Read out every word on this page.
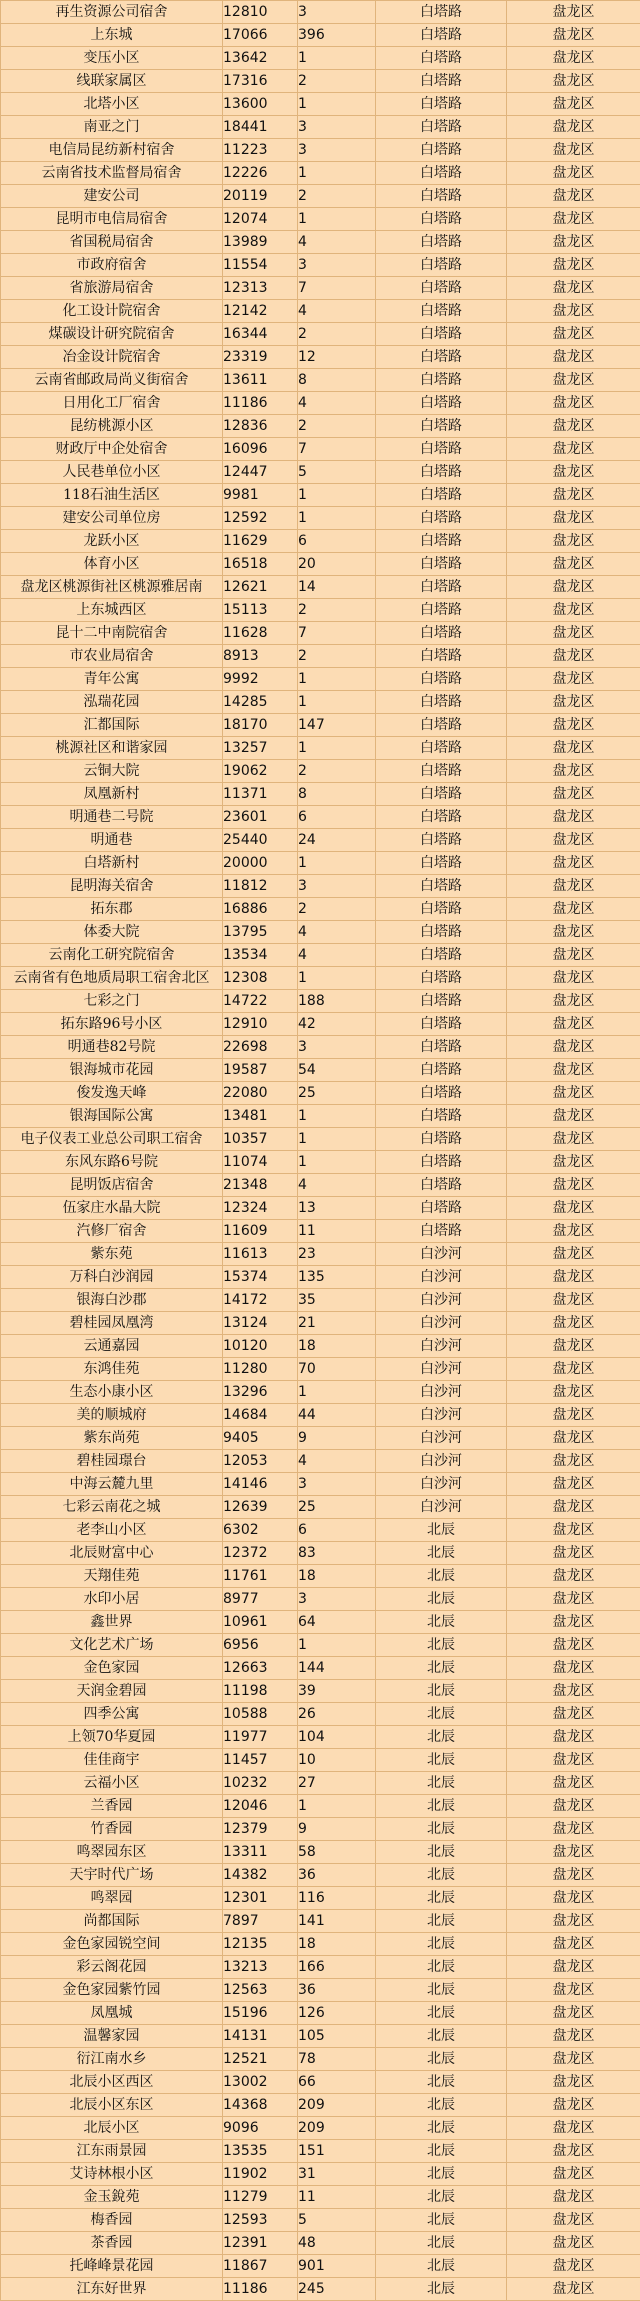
再生资源公司宿舍	12810	3	白塔路	盘龙区
上东城	17066	396	白塔路	盘龙区
变压小区	13642	1	白塔路	盘龙区
线联家属区	17316	2	白塔路	盘龙区
北塔小区	13600	1	白塔路	盘龙区
南亚之门	18441	3	白塔路	盘龙区
电信局昆纺新村宿舍	11223	3	白塔路	盘龙区
云南省技术监督局宿舍	12226	1	白塔路	盘龙区
建安公司	20119	2	白塔路	盘龙区
昆明市电信局宿舍	12074	1	白塔路	盘龙区
省国税局宿舍	13989	4	白塔路	盘龙区
市政府宿舍	11554	3	白塔路	盘龙区
省旅游局宿舍	12313	7	白塔路	盘龙区
化工设计院宿舍	12142	4	白塔路	盘龙区
煤碳设计研究院宿舍	16344	2	白塔路	盘龙区
冶金设计院宿舍	23319	12	白塔路	盘龙区
云南省邮政局尚义街宿舍	13611	8	白塔路	盘龙区
日用化工厂宿舍	11186	4	白塔路	盘龙区
昆纺桃源小区	12836	2	白塔路	盘龙区
财政厅中企处宿舍	16096	7	白塔路	盘龙区
人民巷单位小区	12447	5	白塔路	盘龙区
118石油生活区	9981	1	白塔路	盘龙区
建安公司单位房	12592	1	白塔路	盘龙区
龙跃小区	11629	6	白塔路	盘龙区
体育小区	16518	20	白塔路	盘龙区
盘龙区桃源街社区桃源雅居南	12621	14	白塔路	盘龙区
上东城西区	15113	2	白塔路	盘龙区
昆十二中南院宿舍	11628	7	白塔路	盘龙区
市农业局宿舍	8913	2	白塔路	盘龙区
青年公寓	9992	1	白塔路	盘龙区
泓瑞花园	14285	1	白塔路	盘龙区
汇都国际	18170	147	白塔路	盘龙区
桃源社区和谐家园	13257	1	白塔路	盘龙区
云铜大院	19062	2	白塔路	盘龙区
凤凰新村	11371	8	白塔路	盘龙区
明通巷二号院	23601	6	白塔路	盘龙区
明通巷	25440	24	白塔路	盘龙区
白塔新村	20000	1	白塔路	盘龙区
昆明海关宿舍	11812	3	白塔路	盘龙区
拓东郡	16886	2	白塔路	盘龙区
体委大院	13795	4	白塔路	盘龙区
云南化工研究院宿舍	13534	4	白塔路	盘龙区
云南省有色地质局职工宿舍北区	12308	1	白塔路	盘龙区
七彩之门	14722	188	白塔路	盘龙区
拓东路96号小区	12910	42	白塔路	盘龙区
明通巷82号院	22698	3	白塔路	盘龙区
银海城市花园	19587	54	白塔路	盘龙区
俊发逸天峰	22080	25	白塔路	盘龙区
银海国际公寓	13481	1	白塔路	盘龙区
电子仪表工业总公司职工宿舍	10357	1	白塔路	盘龙区
东风东路6号院	11074	1	白塔路	盘龙区
昆明饭店宿舍	21348	4	白塔路	盘龙区
伍家庄水晶大院	12324	13	白塔路	盘龙区
汽修厂宿舍	11609	11	白塔路	盘龙区
紫东苑	11613	23	白沙河	盘龙区
万科白沙润园	15374	135	白沙河	盘龙区
银海白沙郡	14172	35	白沙河	盘龙区
碧桂园凤凰湾	13124	21	白沙河	盘龙区
云通嘉园	10120	18	白沙河	盘龙区
东鸿佳苑	11280	70	白沙河	盘龙区
生态小康小区	13296	1	白沙河	盘龙区
美的顺城府	14684	44	白沙河	盘龙区
紫东尚苑	9405	9	白沙河	盘龙区
碧桂园璟台	12053	4	白沙河	盘龙区
中海云麓九里	14146	3	白沙河	盘龙区
七彩云南花之城	12639	25	白沙河	盘龙区
老李山小区	6302	6	北辰	盘龙区
北辰财富中心	12372	83	北辰	盘龙区
天翔佳苑	11761	18	北辰	盘龙区
水印小居	8977	3	北辰	盘龙区
鑫世界	10961	64	北辰	盘龙区
文化艺术广场	6956	1	北辰	盘龙区
金色家园	12663	144	北辰	盘龙区
天润金碧园	11198	39	北辰	盘龙区
四季公寓	10588	26	北辰	盘龙区
上领70华夏园	11977	104	北辰	盘龙区
佳佳商宇	11457	10	北辰	盘龙区
云福小区	10232	27	北辰	盘龙区
兰香园	12046	1	北辰	盘龙区
竹香园	12379	9	北辰	盘龙区
鸣翠园东区	13311	58	北辰	盘龙区
天宇时代广场	14382	36	北辰	盘龙区
鸣翠园	12301	116	北辰	盘龙区
尚都国际	7897	141	北辰	盘龙区
金色家园锐空间	12135	18	北辰	盘龙区
彩云阁花园	13213	166	北辰	盘龙区
金色家园紫竹园	12563	36	北辰	盘龙区
凤凰城	15196	126	北辰	盘龙区
温馨家园	14131	105	北辰	盘龙区
衍江南水乡	12521	78	北辰	盘龙区
北辰小区西区	13002	66	北辰	盘龙区
北辰小区东区	14368	209	北辰	盘龙区
北辰小区	9096	209	北辰	盘龙区
江东雨景园	13535	151	北辰	盘龙区
艾诗林根小区	11902	31	北辰	盘龙区
金玉銳苑	11279	11	北辰	盘龙区
梅香园	12593	5	北辰	盘龙区
茶香园	12391	48	北辰	盘龙区
托峰峰景花园	11867	901	北辰	盘龙区
江东好世界	11186	245	北辰	盘龙区
